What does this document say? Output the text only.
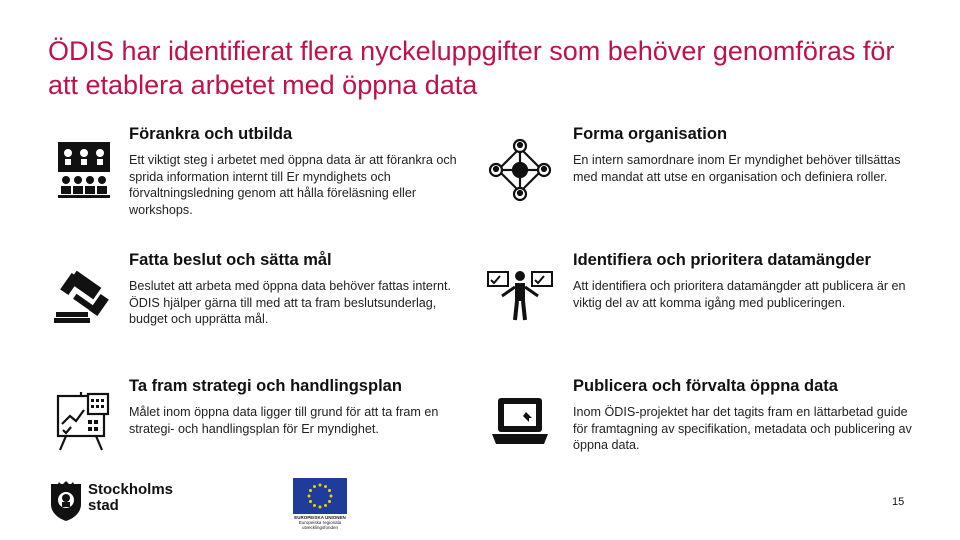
ÖDIS har identifierat flera nyckeluppgifter som behöver genomföras för att etablera arbetet med öppna data
Förankra och utbilda

Ett viktigt steg i arbetet med öppna data är att förankra och sprida information internt till Er myndighets och förvaltningsledning genom att hålla föreläsning eller workshops.

Forma organisation

En intern samordnare inom Er myndighet behöver tillsättas med mandat att utse en organisation och definiera roller.

Fatta beslut och sätta mål

Beslutet att arbeta med öppna data behöver fattas internt. ÖDIS hjälper gärna till med att ta fram beslutsunderlag, budget och upprätta mål.

Identifiera och prioritera datamängder

Att identifiera och prioritera datamängder att publicera är en viktig del av att komma igång med publiceringen.

Ta fram strategi och handlingsplan

Målet inom öppna data ligger till grund för att ta fram en strategi- och handlingsplan för Er myndighet.

Publicera och förvalta öppna data

Inom ÖDIS-projektet har det tagits fram en lättarbetad guide för framtagning av specifikation, metadata och publicering av öppna data.

Stockholms
stad
EUROPEISKA UNIONEN
Europeiska regionala
utvecklingsfonden
15
